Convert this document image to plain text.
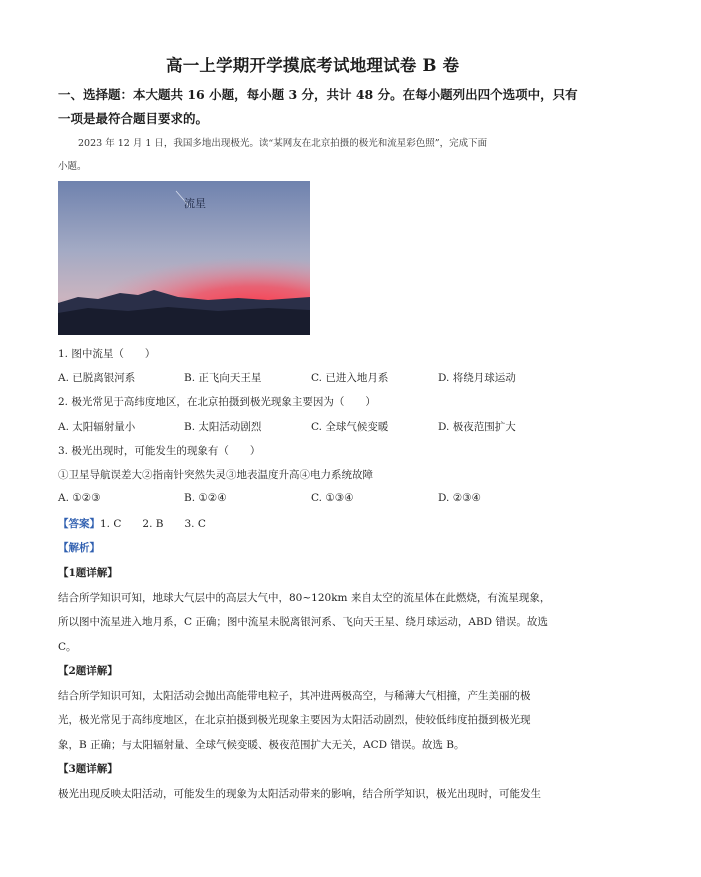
高一上学期开学摸底考试地理试卷 B 卷
一、选择题：本大题共 16 小题，每小题 3 分，共计 48 分。在每小题列出四个选项中，只有
一项是最符合题目要求的。
2023 年 12 月 1 日，我国多地出现极光。读“某网友在北京拍摄的极光和流星彩色照”，完成下面
小题。
流星
1. 图中流星（　　）
A. 已脱离银河系	B. 正飞向天王星	C. 已进入地月系	D. 将绕月球运动
2. 极光常见于高纬度地区，在北京拍摄到极光现象主要因为（　　）
A. 太阳辐射量小	B. 太阳活动剧烈	C. 全球气候变暖	D. 极夜范围扩大
3. 极光出现时，可能发生的现象有（　　）
①卫星导航误差大②指南针突然失灵③地表温度升高④电力系统故障
A. ①②③	B. ①②④	C. ①③④	D. ②③④
【答案】1. C　　2. B　　3. C
【解析】
【1题详解】
结合所学知识可知，地球大气层中的高层大气中，80~120km 来自太空的流星体在此燃烧，有流星现象，
所以图中流星进入地月系，C 正确；图中流星未脱离银河系、飞向天王星、绕月球运动，ABD 错误。故选
C。
【2题详解】
结合所学知识可知，太阳活动会抛出高能带电粒子，其冲进两极高空，与稀薄大气相撞，产生美丽的极
光，极光常见于高纬度地区，在北京拍摄到极光现象主要因为太阳活动剧烈，使较低纬度拍摄到极光现
象，B 正确；与太阳辐射量、全球气候变暖、极夜范围扩大无关，ACD 错误。故选 B。
【3题详解】
极光出现反映太阳活动，可能发生的现象为太阳活动带来的影响，结合所学知识，极光出现时，可能发生
